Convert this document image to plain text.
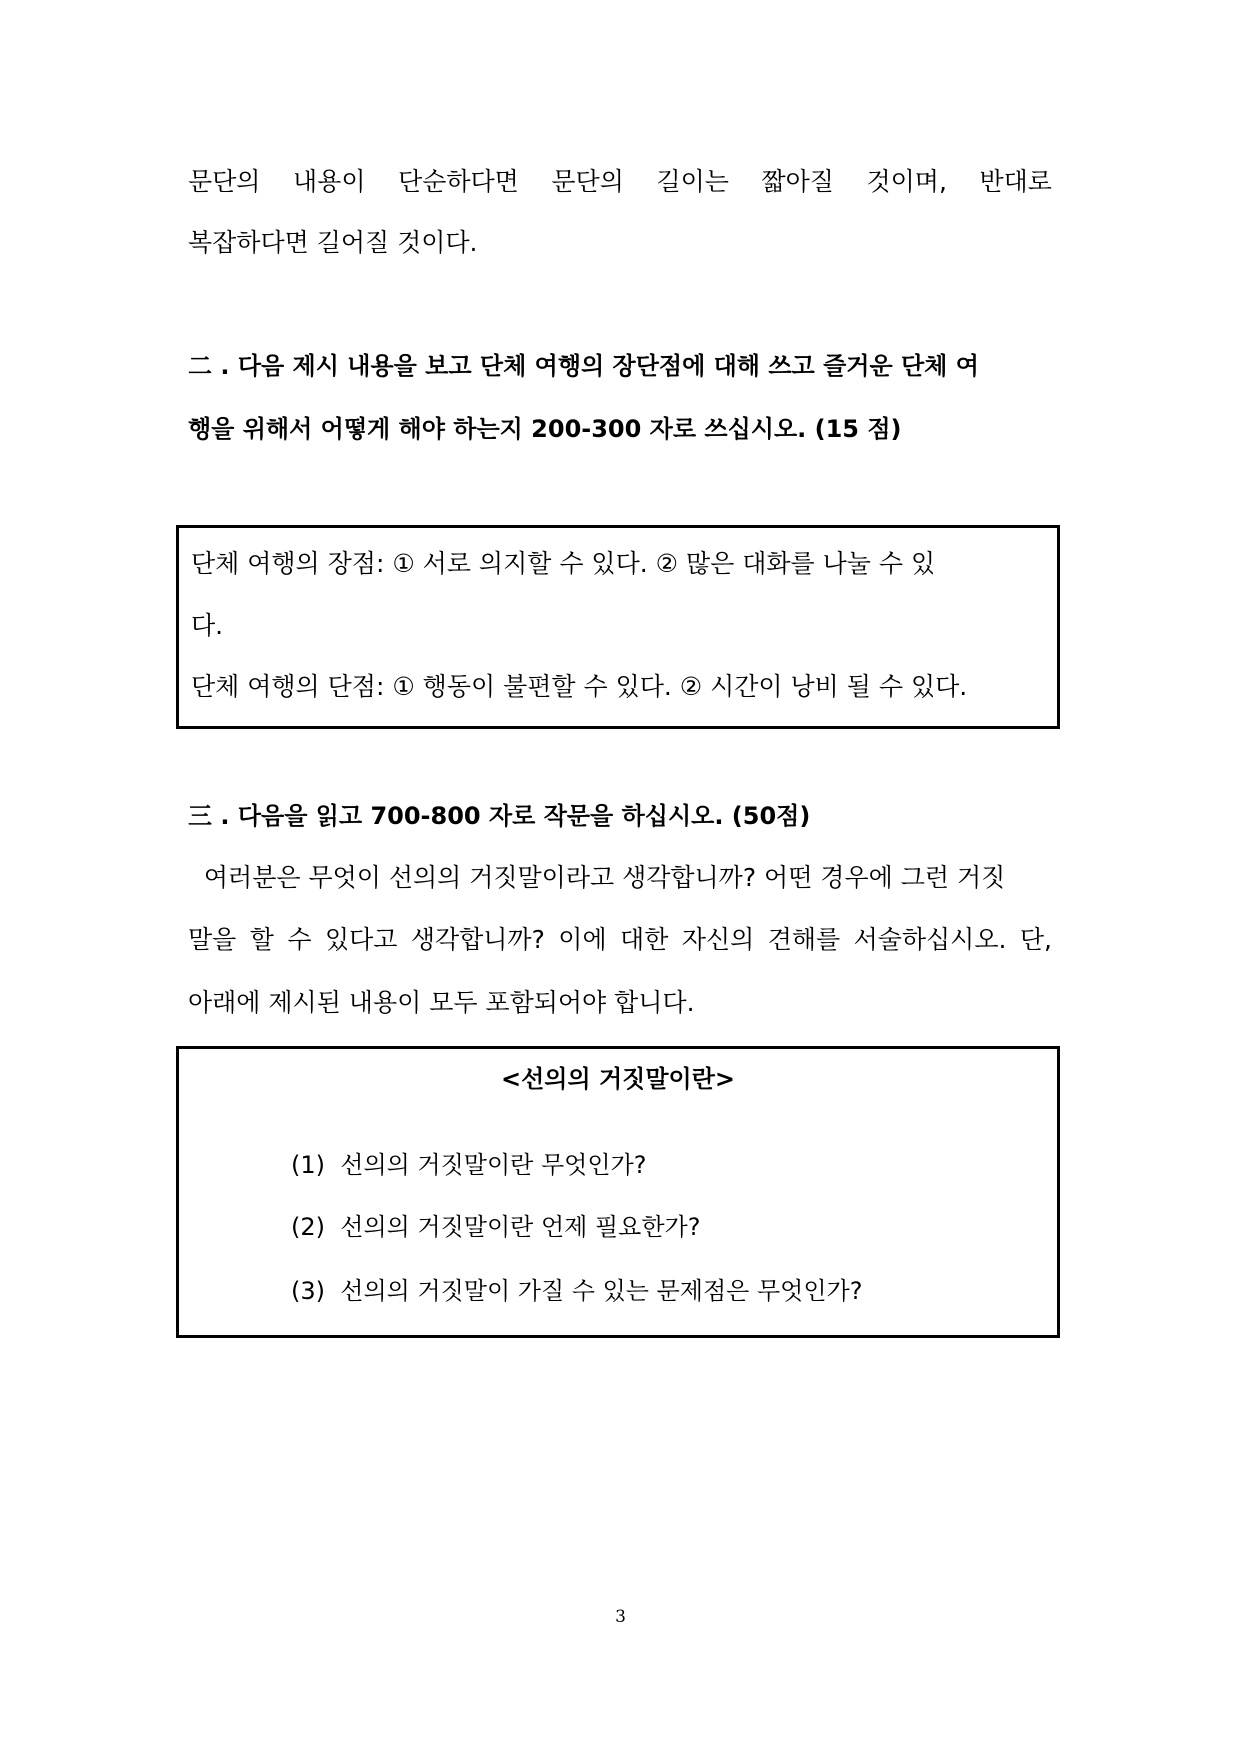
문단의 내용이 단순하다면 문단의 길이는 짧아질 것이며, 반대로
복잡하다면 길어질 것이다.
二 . 다음 제시 내용을 보고 단체 여행의 장단점에 대해 쓰고 즐거운 단체 여
행을 위해서 어떻게 해야 하는지 200-300 자로 쓰십시오. (15 점)
단체 여행의 장점: ① 서로 의지할 수 있다. ② 많은 대화를 나눌 수 있
다.
단체 여행의 단점: ① 행동이 불편할 수 있다. ② 시간이 낭비 될 수 있다.
三 . 다음을 읽고 700-800 자로 작문을 하십시오. (50점)
여러분은 무엇이 선의의 거짓말이라고 생각합니까? 어떤 경우에 그런 거짓
말을 할 수 있다고 생각합니까? 이에 대한 자신의 견해를 서술하십시오. 단,
아래에 제시된 내용이 모두 포함되어야 합니다.
<선의의 거짓말이란>
(1)  선의의 거짓말이란 무엇인가?
(2)  선의의 거짓말이란 언제 필요한가?
(3)  선의의 거짓말이 가질 수 있는 문제점은 무엇인가?
3
